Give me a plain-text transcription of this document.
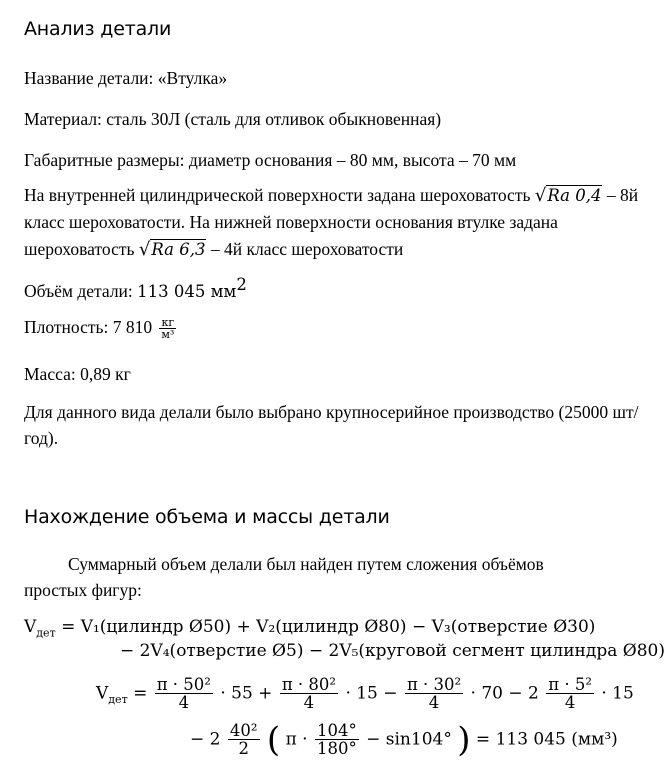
Анализ детали
Название детали: «Втулка»
Материал: сталь 30Л (сталь для отливок обыкновенная)
Габаритные размеры: диаметр основания – 80 мм, высота – 70 мм
На внутренней цилиндрической поверхности задана шероховатость √Ra 0,4 – 8й класс шероховатости. На нижней поверхности основания втулке задана шероховатость √Ra 6,3 – 4й класс шероховатости
Объём детали: 113 045 $мм^2$
Плотность: 7 $810 \frac{кг}{\text{м³}}$
Масса: 0,89 кг
Для данного вида делали было выбрано крупносерийное производство (25000 шт/год).
Нахождение объема и массы детали
Суммарный объем делали был найден путем сложения объёмов простых фигур:
$V_{дет}$ = V₁(цилиндр Ø50) + V₂(цилиндр Ø80) − V₃(отверстие Ø30)
− 2V₄(отверстие Ø5) − 2V₅(круговой сегмент цилиндра Ø80)
$V_{дет} = \frac{\text{π · 50²}}{4} \cdot 55 + \frac{\text{π · 80²}}{4} \cdot 15 - \frac{\text{π · 30²}}{4} \cdot 70 - 2 \frac{\text{π · 5²}}{4} \cdot 15$
− $2 \frac{\text{40²}}{2}$ ( $\pi \cdot \frac{104^\circ}{180^\circ} - \sin 104^\circ$ ) = 113 045 (мм³)
